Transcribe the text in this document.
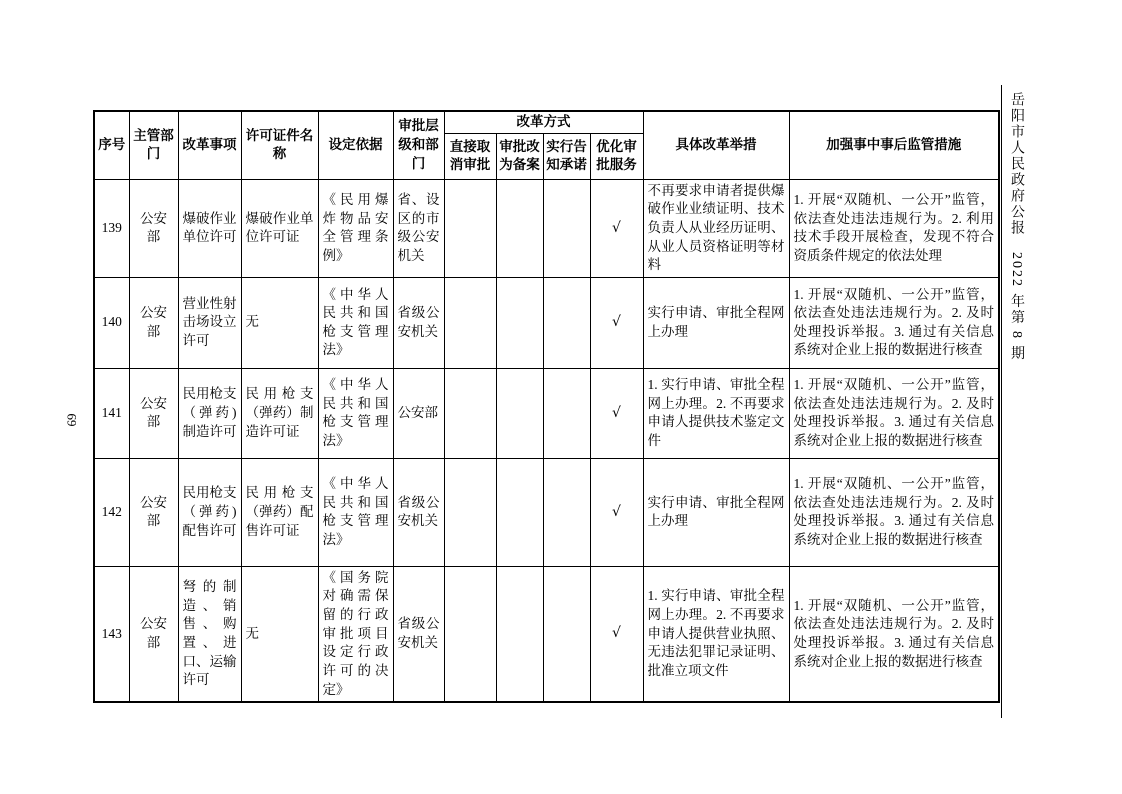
69
序号	主管部门	改革事项	许可证件名称	设定依据	审批层级和部门	改革方式				具体改革举措	加强事中事后监管措施
						直接取消审批	审批改为备案	实行告知承诺	优化审批服务		
139	公安部	爆破作业单位许可	爆破作业单位许可证	《民用爆炸物品安全管理条例》	省、设区的市级公安机关				√	不再要求申请者提供爆破作业业绩证明、技术负责人从业经历证明、从业人员资格证明等材料	1. 开展“双随机、一公开”监管，依法查处违法违规行为。2. 利用技术手段开展检查，发现不符合资质条件规定的依法处理
140	公安部	营业性射击场设立许可	无	《中华人民共和国枪支管理法》	省级公安机关				√	实行申请、审批全程网上办理	1. 开展“双随机、一公开”监管，依法查处违法违规行为。2. 及时处理投诉举报。3. 通过有关信息系统对企业上报的数据进行核查
141	公安部	民用枪支（弹药)制造许可	民用枪支（弹药）制造许可证	《中华人民共和国枪支管理法》	公安部				√	1. 实行申请、审批全程网上办理。2. 不再要求申请人提供技术鉴定文件	1. 开展“双随机、一公开”监管，依法查处违法违规行为。2. 及时处理投诉举报。3. 通过有关信息系统对企业上报的数据进行核查
142	公安部	民用枪支（弹药)配售许可	民用枪支（弹药）配售许可证	《中华人民共和国枪支管理法》	省级公安机关				√	实行申请、审批全程网上办理	1. 开展“双随机、一公开”监管，依法查处违法违规行为。2. 及时处理投诉举报。3. 通过有关信息系统对企业上报的数据进行核查
143	公安部	弩的制造、销售、购置、进口、运输许可	无	《国务院对确需保留的行政审批项目设定行政许可的决定》	省级公安机关				√	1. 实行申请、审批全程网上办理。2. 不再要求申请人提供营业执照、无违法犯罪记录证明、批准立项文件	1. 开展“双随机、一公开”监管，依法查处违法违规行为。2. 及时处理投诉举报。3. 通过有关信息系统对企业上报的数据进行核查
岳阳市人民政府公报　2022 年第 8 期
